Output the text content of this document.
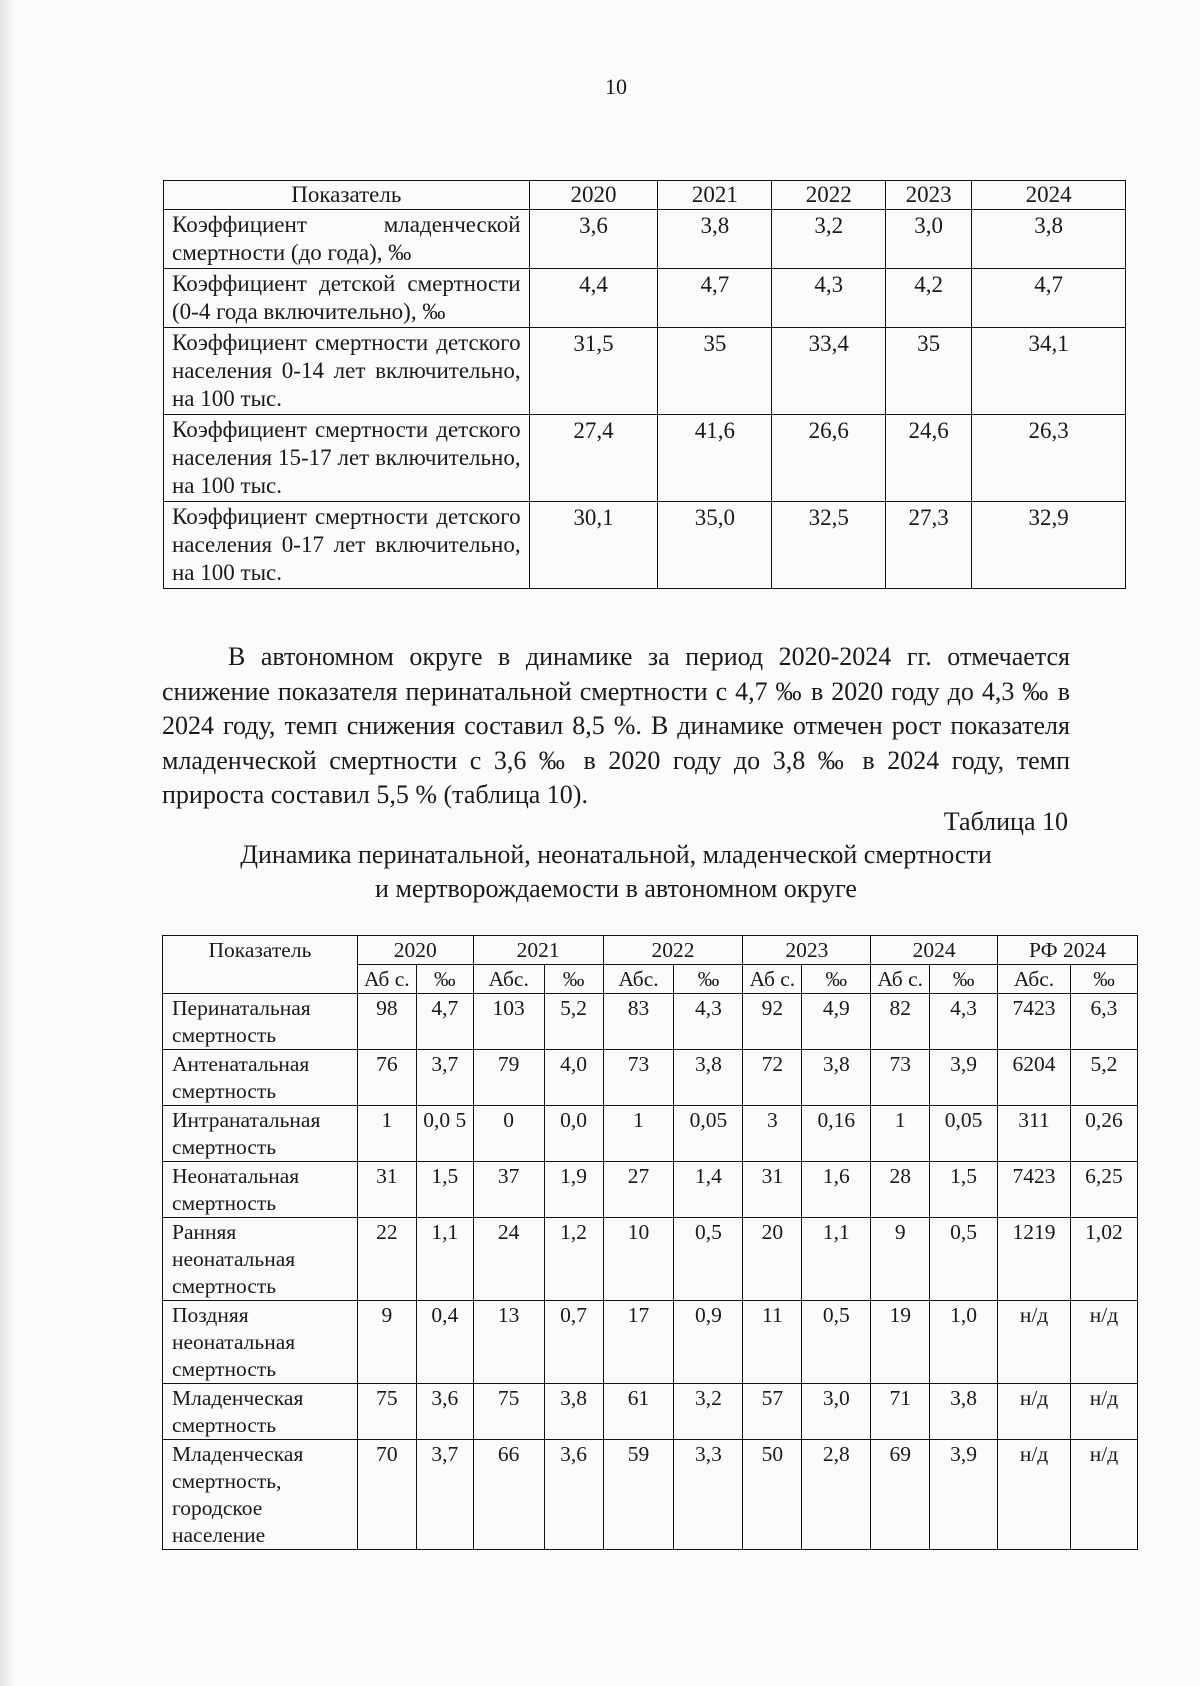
10
Показатель	2020	2021	2022	2023	2024
Коэффициент младенческой смертности (до года), ‰	3,6	3,8	3,2	3,0	3,8
Коэффициент детской смертности (0-4 года включительно), ‰	4,4	4,7	4,3	4,2	4,7
Коэффициент смертности детского населения 0-14 лет включительно, на 100 тыс.	31,5	35	33,4	35	34,1
Коэффициент смертности детского населения 15-17 лет включительно, на 100 тыс.	27,4	41,6	26,6	24,6	26,3
Коэффициент смертности детского населения 0-17 лет включительно, на 100 тыс.	30,1	35,0	32,5	27,3	32,9

В автономном округе в динамике за период 2020-2024 гг. отмечается снижение показателя перинатальной смертности с 4,7 ‰ в 2020 году до 4,3 ‰ в 2024 году, темп снижения составил 8,5 %. В динамике отмечен рост показателя младенческой смертности с 3,6 ‰ в 2020 году до 3,8 ‰ в 2024 году, темп прироста составил 5,5 % (таблица 10).

Таблица 10
Динамика перинатальной, неонатальной, младенческой смертности
и мертворождаемости в автономном округе
Показатель	2020		2021		2022		2023		2024		РФ 2024	
	Аб с.	‰	Абс.	‰	Абс.	‰	Аб с.	‰	Аб с.	‰	Абс.	‰
Перинатальная смертность	98	4,7	103	5,2	83	4,3	92	4,9	82	4,3	7423	6,3
Антенатальная смертность	76	3,7	79	4,0	73	3,8	72	3,8	73	3,9	6204	5,2
Интранатальная смертность	1	0,0 5	0	0,0	1	0,05	3	0,16	1	0,05	311	0,26
Неонатальная смертность	31	1,5	37	1,9	27	1,4	31	1,6	28	1,5	7423	6,25
Ранняя неонатальная смертность	22	1,1	24	1,2	10	0,5	20	1,1	9	0,5	1219	1,02
Поздняя неонатальная смертность	9	0,4	13	0,7	17	0,9	11	0,5	19	1,0	н/д	н/д
Младенческая смертность	75	3,6	75	3,8	61	3,2	57	3,0	71	3,8	н/д	н/д
Младенческая смертность, городское население	70	3,7	66	3,6	59	3,3	50	2,8	69	3,9	н/д	н/д
